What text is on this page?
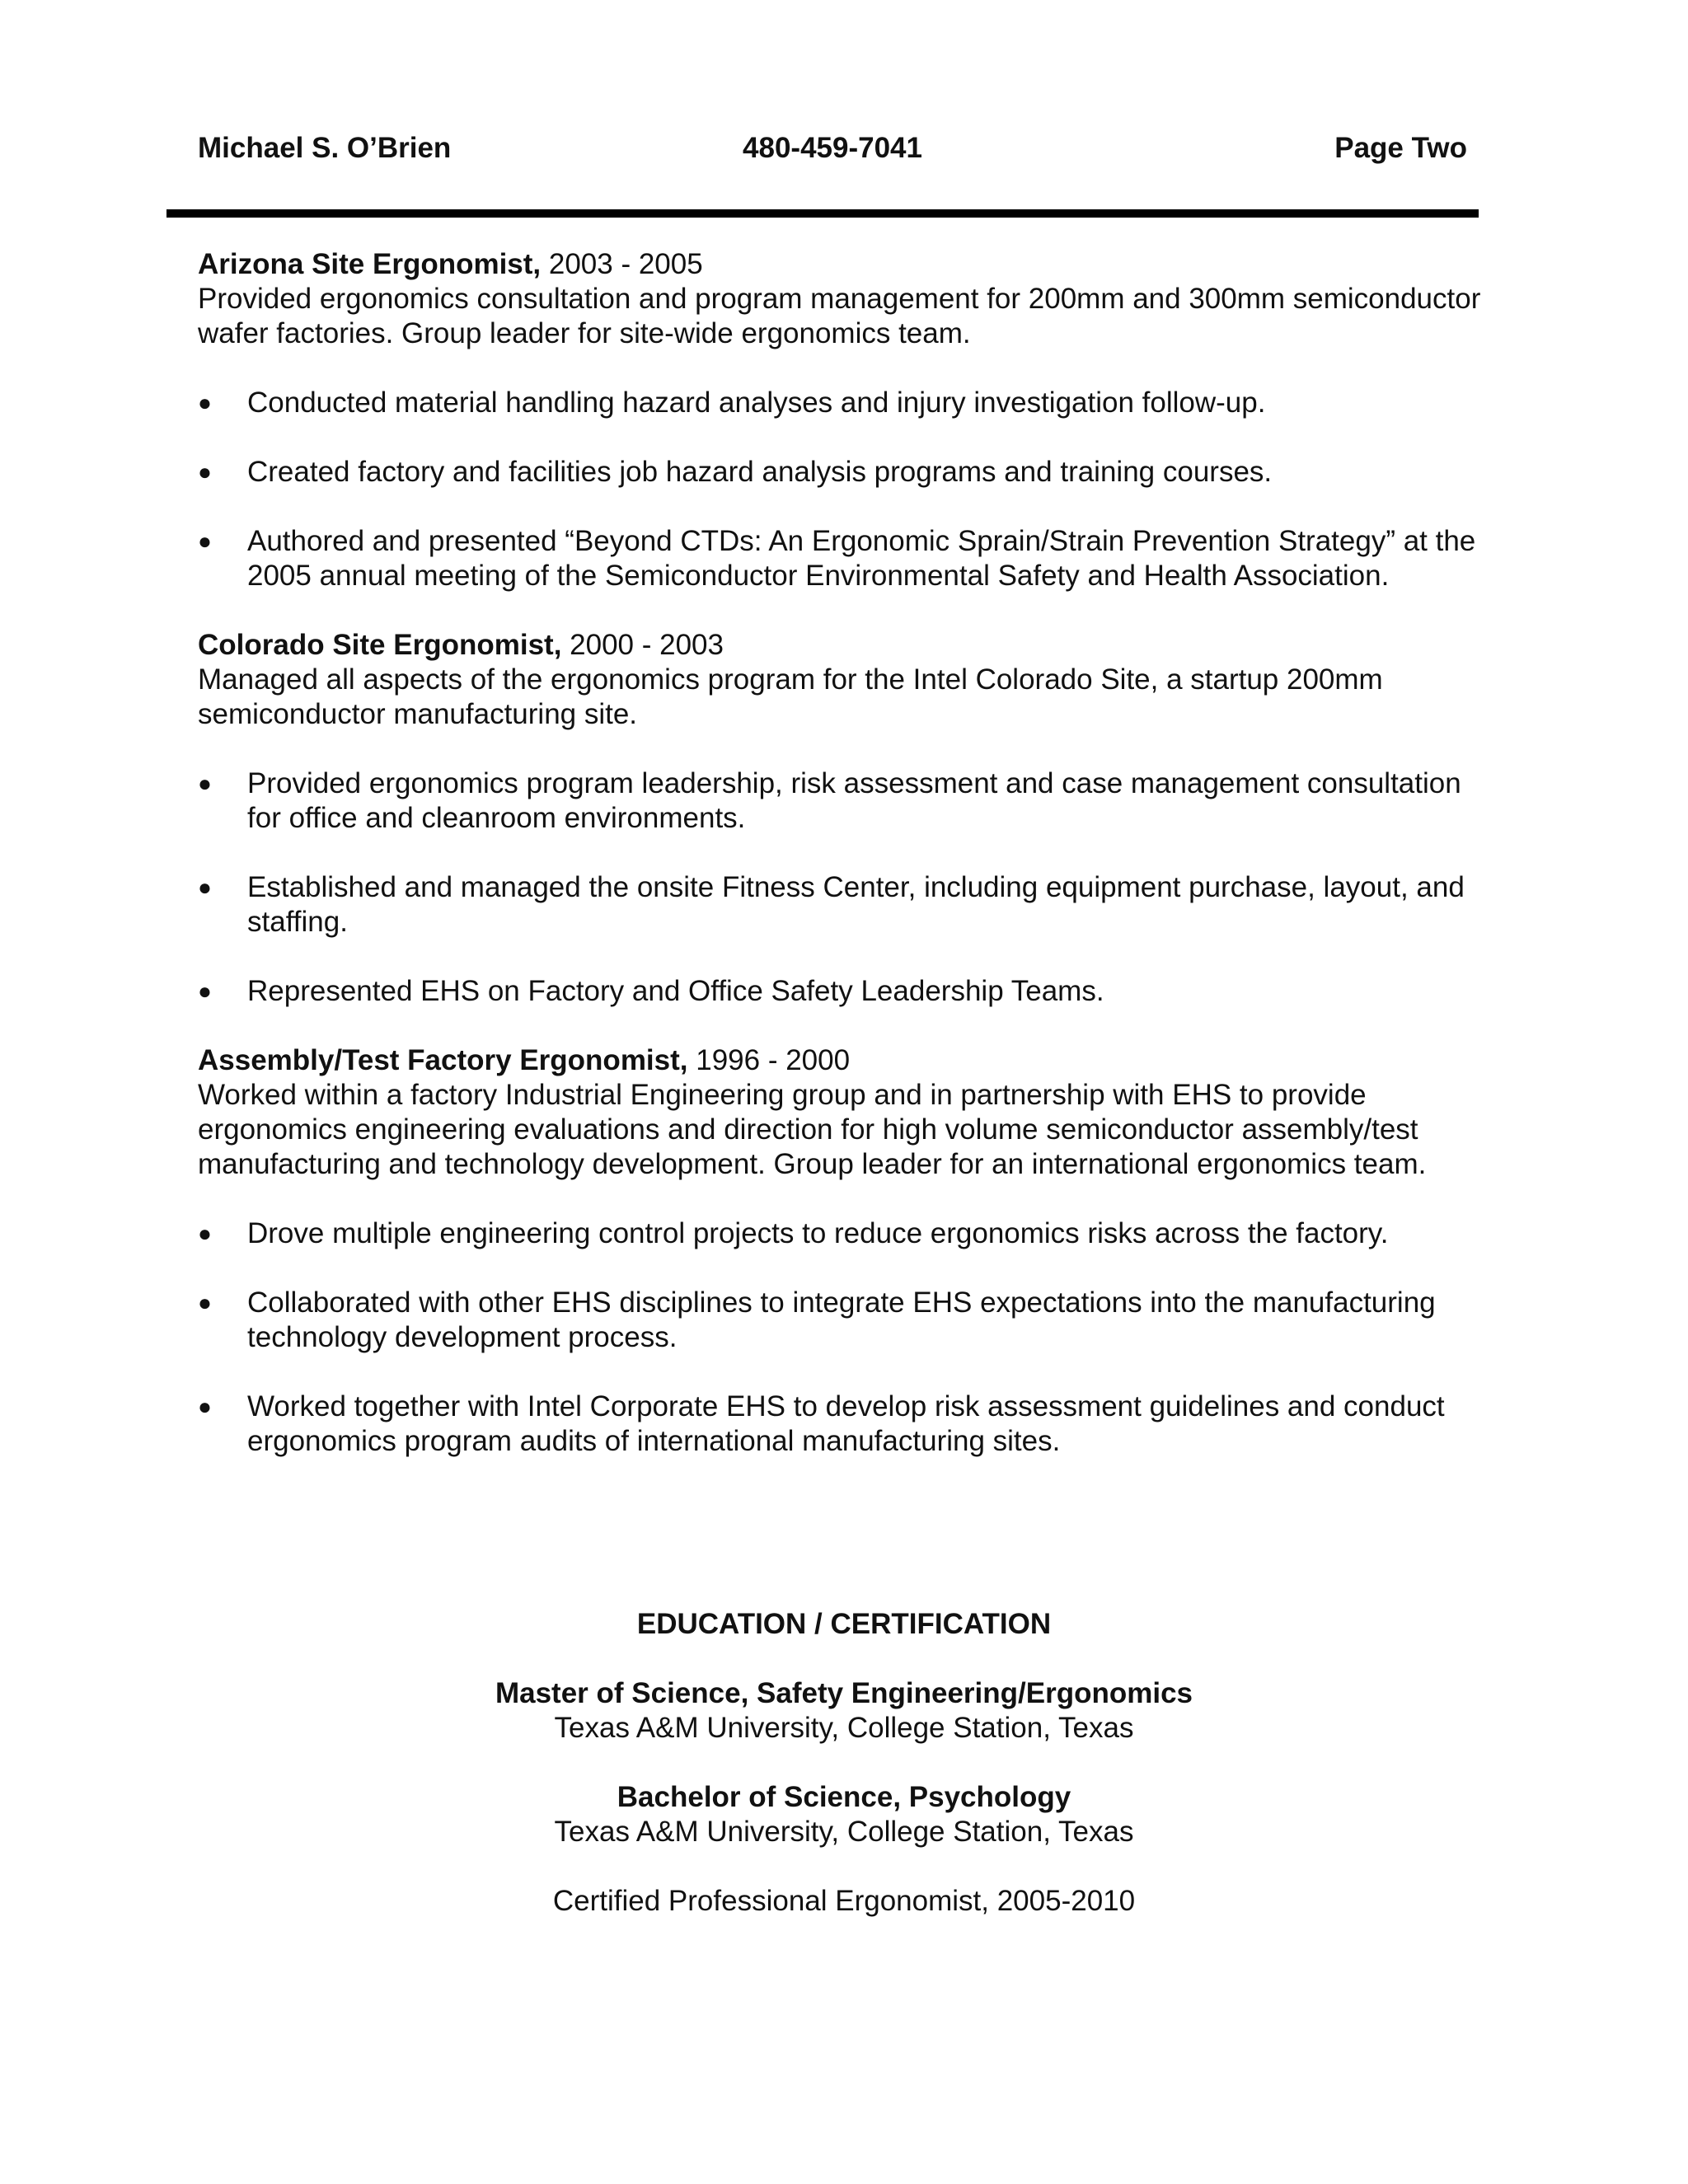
Michael S. O’Brien	480-459-7041	Page Two

Arizona Site Ergonomist, 2003 - 2005

Provided ergonomics consultation and program management for 200mm and 300mm semiconductor wafer factories. Group leader for site-wide ergonomics team.

● Conducted material handling hazard analyses and injury investigation follow-up.
● Created factory and facilities job hazard analysis programs and training courses.
● Authored and presented “Beyond CTDs: An Ergonomic Sprain/Strain Prevention Strategy” at the 2005 annual meeting of the Semiconductor Environmental Safety and Health Association.

Colorado Site Ergonomist, 2000 - 2003

Managed all aspects of the ergonomics program for the Intel Colorado Site, a startup 200mm semiconductor manufacturing site.

● Provided ergonomics program leadership, risk assessment and case management consultation for office and cleanroom environments.
● Established and managed the onsite Fitness Center, including equipment purchase, layout, and staffing.
● Represented EHS on Factory and Office Safety Leadership Teams.

Assembly/Test Factory Ergonomist, 1996 - 2000

Worked within a factory Industrial Engineering group and in partnership with EHS to provide ergonomics engineering evaluations and direction for high volume semiconductor assembly/test manufacturing and technology development. Group leader for an international ergonomics team.

● Drove multiple engineering control projects to reduce ergonomics risks across the factory.
● Collaborated with other EHS disciplines to integrate EHS expectations into the manufacturing technology development process.
● Worked together with Intel Corporate EHS to develop risk assessment guidelines and conduct ergonomics program audits of international manufacturing sites.
EDUCATION / CERTIFICATION
Master of Science, Safety Engineering/Ergonomics
Texas A&M University, College Station, Texas
Bachelor of Science, Psychology
Texas A&M University, College Station, Texas
Certified Professional Ergonomist, 2005-2010
